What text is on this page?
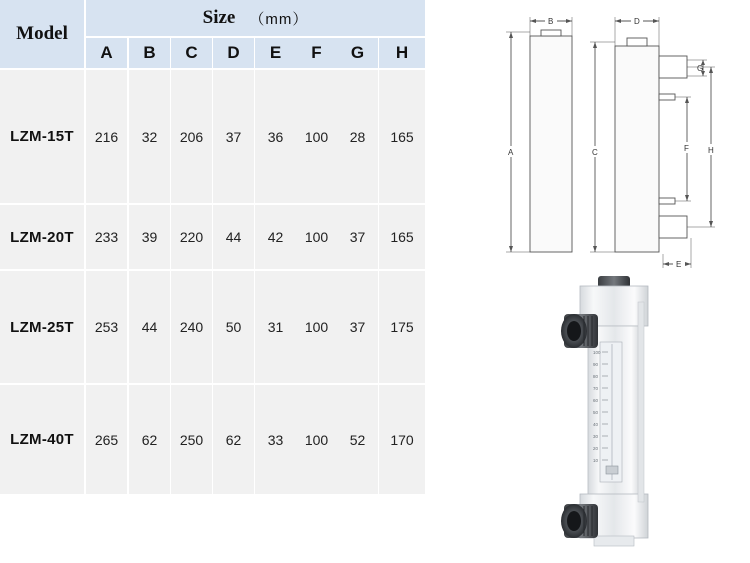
Model
Size （mm）
A	B	C	D	E	F	G	H
LZM-15T	216	32	206	37	36	100	28	165
LZM-20T	233	39	220	44	42	100	37	165
LZM-25T	253	44	240	50	31	100	37	175
LZM-40T	265	62	250	62	33	100	52	170
A
B
C
D
E
F
G
H
100
90
80
70
60
50
40
30
20
10
